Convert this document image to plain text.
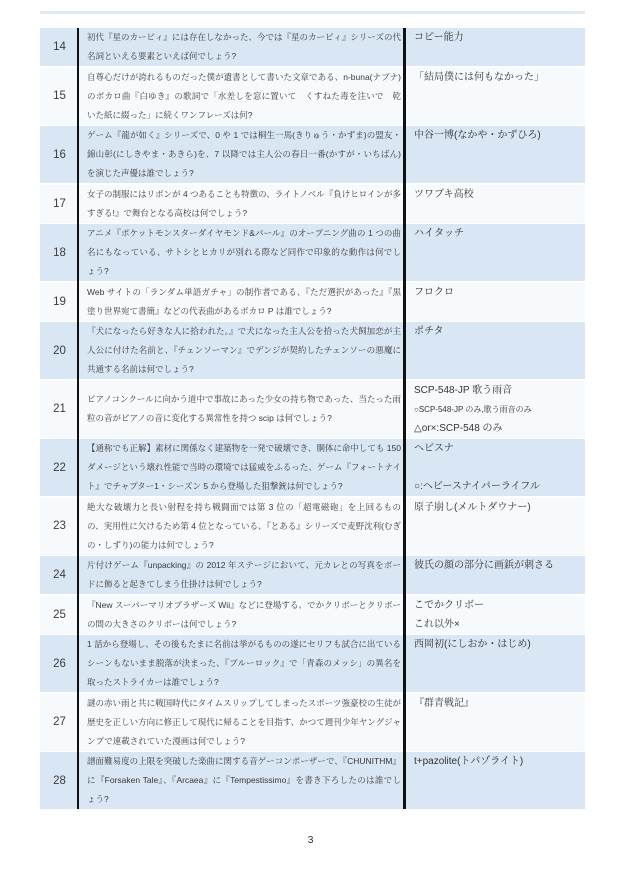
14
初代『星のカービィ』には存在しなかった、今では『星のカービィ』シリーズの代名詞といえる要素といえば何でしょう?
コピー能力
15
自尊心だけが誇れるものだった僕が遺書として書いた文章である、n-buna(ナブナ)のボカロ曲『白ゆき』の歌詞で「水差しを窓に置いて　くすねた毒を注いで　乾いた紙に綴った」に続くワンフレーズは何?
「結局僕には何もなかった」
16
ゲーム『龍が如く』シリーズで、0 や 1 では桐生一馬(きりゅう・かずま)の盟友・錦山彰(にしきやま・あきら)を、7 以降では主人公の春日一番(かすが・いちばん)を演じた声優は誰でしょう?
中谷一博(なかや・かずひろ)
17
女子の制服にはリボンが 4 つあることも特徴の、ライトノベル『負けヒロインが多すぎる!』で舞台となる高校は何でしょう?
ツワブキ高校
18
アニメ『ポケットモンスターダイヤモンド&パール』のオープニング曲の 1 つの曲名にもなっている、サトシとヒカリが別れる際など同作で印象的な動作は何でしょう?
ハイタッチ
19
Web サイトの「ランダム単語ガチャ」の制作者である、『ただ選択があった』『黒塗り世界宛て書簡』などの代表曲があるボカロ P は誰でしょう?
フロクロ
20
『犬になったら好きな人に拾われた。』で犬になった主人公を拾った犬飼加恋が主人公に付けた名前と、『チェンソーマン』でデンジが契約したチェンソーの悪魔に共通する名前は何でしょう?
ポチタ
21
ピアノコンクールに向かう道中で事故にあった少女の持ち物であった、当たった雨粒の音がピアノの音に変化する異常性を持つ scip は何でしょう?
SCP-548-JP 歌う雨音
○SCP-548-JP のみ,歌う雨音のみ
△or×:SCP-548 のみ
22
【通称でも正解】素材に関係なく建築物を一発で破壊でき、胴体に命中しても 150 ダメージという壊れ性能で当時の環境では猛威をふるった、ゲーム『フォートナイト』でチャプター1・シーズン 5 から登場した狙撃銃は何でしょう?
ヘビスナ

○:ヘビースナイパーライフル
23
絶大な破壊力と長い射程を持ち戦闘面では第 3 位の「超電磁砲」を上回るものの、実用性に欠けるため第 4 位となっている、『とある』シリーズで麦野沈利(むぎの・しずり)の能力は何でしょう?
原子崩し(メルトダウナー)
24
片付けゲーム『unpacking』の 2012 年ステージにおいて、元カレとの写真をボードに飾ると起きてしまう仕掛けは何でしょう?
彼氏の顔の部分に画鋲が刺さる
25
『New スーパーマリオブラザーズ Wii』などに登場する、でかクリボーとクリボーの間の大きさのクリボーは何でしょう?
こでかクリボー
これ以外×
26
1 話から登場し、その後もたまに名前は挙がるものの遂にセリフも試合に出ているシーンもないまま脱落が決まった、『ブルーロック』で「青森のメッシ」の異名を取ったストライカーは誰でしょう?
西岡初(にしおか・はじめ)
27
謎の赤い雨と共に戦国時代にタイムスリップしてしまったスポーツ強豪校の生徒が歴史を正しい方向に修正して現代に帰ることを目指す、かつて週刊少年ヤングジャンプで連載されていた漫画は何でしょう?
『群青戦記』
28
譜面難易度の上限を突破した楽曲に関する音ゲーコンポーザーで、『CHUNITHM』に『Forsaken Tale』、『Arcaea』に『Tempestissimo』を書き下ろしたのは誰でしょう?
t+pazolite(トパゾライト)
3
